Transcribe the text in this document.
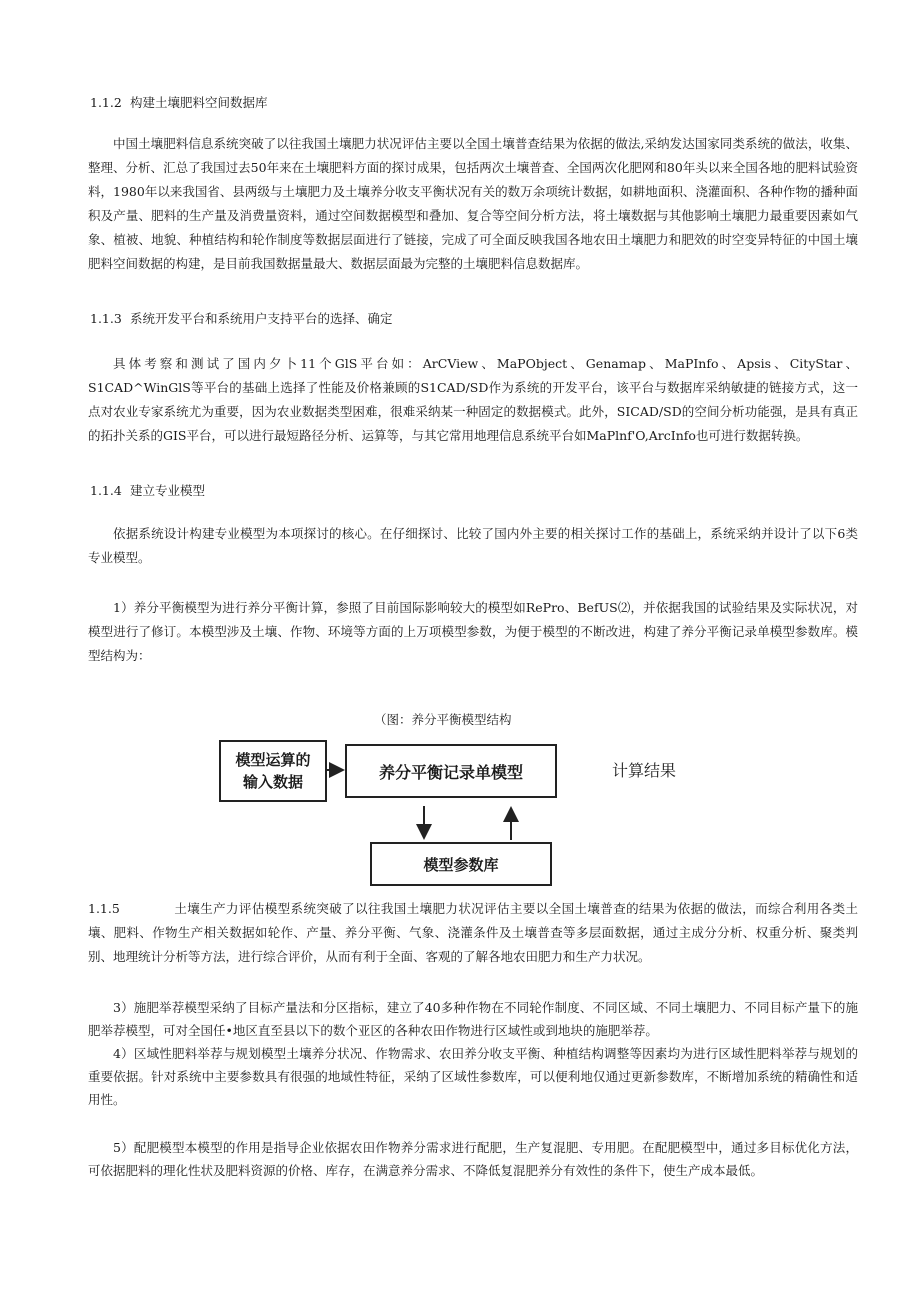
1.1.2 构建土壤肥料空间数据库
中国土壤肥料信息系统突破了以往我国土壤肥力状况评估主要以全国土壤普查结果为依据的做法,采纳发达国家同类系统的做法，收集、整理、分析、汇总了我国过去50年来在土壤肥料方面的探讨成果，包括两次土壤普查、全国两次化肥网和80年头以来全国各地的肥料试验资料，1980年以来我国省、县两级与土壤肥力及土壤养分收支平衡状况有关的数万余项统计数据，如耕地面积、浇灌面积、各种作物的播种面积及产量、肥料的生产量及消费量资料，通过空间数据模型和叠加、复合等空间分析方法，将土壤数据与其他影响土壤肥力最重要因素如气象、植被、地貌、种植结构和轮作制度等数据层面进行了链接，完成了可全面反映我国各地农田土壤肥力和肥效的时空变异特征的中国土壤肥料空间数据的构建，是目前我国数据量最大、数据层面最为完整的土壤肥料信息数据库。
1.1.3 系统开发平台和系统用户支持平台的选择、确定
具体考察和测试了国内夕卜11个GlS平台如：ArCView、MaPObject、Genamap、MaPInfo、Apsis、CityStar、S1CAD^WinGlS等平台的基础上选择了性能及价格兼顾的S1CAD/SD作为系统的开发平台，该平台与数据库采纳敏捷的链接方式，这一点对农业专家系统尤为重要，因为农业数据类型困难，很难采纳某一种固定的数据模式。此外，SICAD/SD的空间分析功能强，是具有真正的拓扑关系的GIS平台，可以进行最短路径分析、运算等，与其它常用地理信息系统平台如MaPlnf'O,ArcInfo也可进行数据转换。
1.1.4 建立专业模型
依据系统设计构建专业模型为本项探讨的核心。在仔细探讨、比较了国内外主要的相关探讨工作的基础上，系统采纳并设计了以下6类专业模型。
1）养分平衡模型为进行养分平衡计算，参照了目前国际影响较大的模型如RePro、BefUS⑵，并依据我国的试验结果及实际状况，对模型进行了修订。本模型涉及土壤、作物、环境等方面的上万项模型参数，为便于模型的不断改进，构建了养分平衡记录单模型参数库。模型结构为：
（图：养分平衡模型结构
模型运算的
输入数据
养分平衡记录单模型
模型参数库
计算结果
1.1.5	土壤生产力评估模型系统突破了以往我国土壤肥力状况评估主要以全国土壤普查的结果为依据的做法，而综合利用各类土壤、肥料、作物生产相关数据如轮作、产量、养分平衡、气象、浇灌条件及土壤普查等多层面数据，通过主成分分析、权重分析、聚类判别、地理统计分析等方法，进行综合评价，从而有利于全面、客观的了解各地农田肥力和生产力状况。
3）施肥举荐模型采纳了目标产量法和分区指标，建立了40多种作物在不同轮作制度、不同区域、不同土壤肥力、不同目标产量下的施肥举荐模型，可对全国任•地区直至县以下的数个亚区的各种农田作物进行区域性或到地块的施肥举荐。
4）区域性肥料举荐与规划模型土壤养分状况、作物需求、农田养分收支平衡、种植结构调整等因素均为进行区域性肥料举荐与规划的重要依据。针对系统中主要参数具有很强的地域性特征，采纳了区域性参数库，可以便利地仅通过更新参数库，不断增加系统的精确性和适用性。
5）配肥模型本模型的作用是指导企业依据农田作物养分需求进行配肥，生产复混肥、专用肥。在配肥模型中，通过多目标优化方法，可依据肥料的理化性状及肥料资源的价格、库存，在满意养分需求、不降低复混肥养分有效性的条件下，使生产成本最低。
